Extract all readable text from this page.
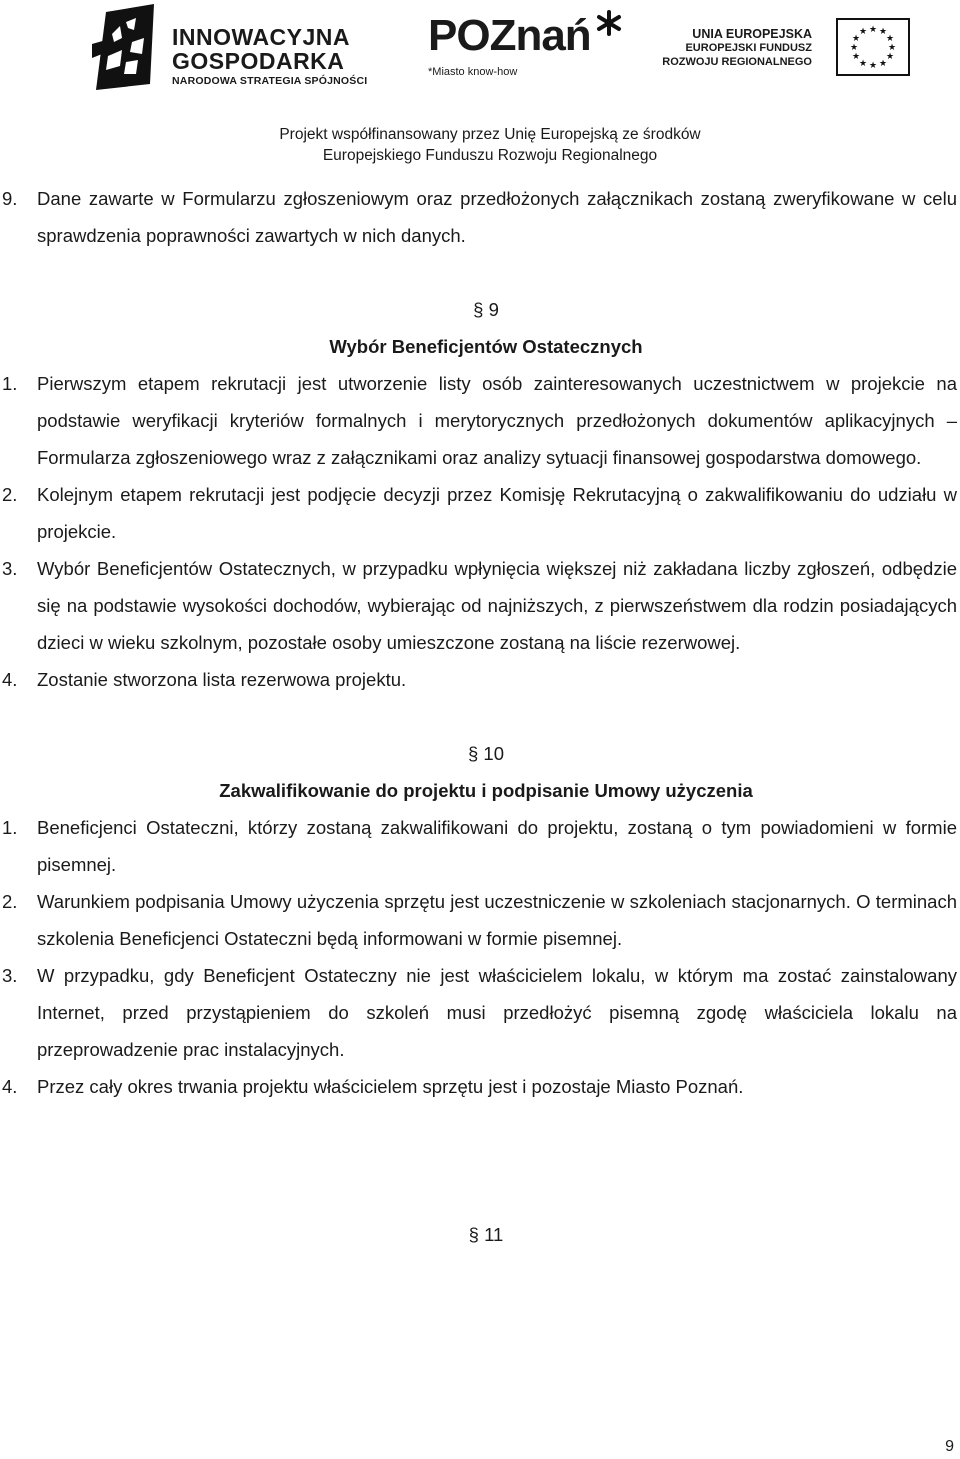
INNOWACYJNA
GOSPODARKA
NARODOWA STRATEGIA SPÓJNOŚCI
POZnań
*Miasto know-how
UNIA EUROPEJSKA
EUROPEJSKI FUNDUSZ
ROZWOJU REGIONALNEGO
★ ★
★
★
★
★
★
★
★
★
★
★
Projekt współfinansowany przez Unię Europejską ze środków
Europejskiego Funduszu Rozwoju Regionalnego
9. Dane zawarte w Formularzu zgłoszeniowym oraz przedłożonych załącznikach zostaną zweryfikowane w celu sprawdzenia poprawności zawartych w nich danych.
§ 9
Wybór Beneficjentów Ostatecznych
1. Pierwszym etapem rekrutacji jest utworzenie listy osób zainteresowanych uczestnictwem w projekcie na podstawie weryfikacji kryteriów formalnych i merytorycznych przedłożonych dokumentów aplikacyjnych – Formularza zgłoszeniowego wraz z załącznikami oraz analizy sytuacji finansowej gospodarstwa domowego.
2. Kolejnym etapem rekrutacji jest podjęcie decyzji przez Komisję Rekrutacyjną o zakwalifikowaniu do udziału w projekcie.
3. Wybór Beneficjentów Ostatecznych, w przypadku wpłynięcia większej niż zakładana liczby zgłoszeń, odbędzie się na podstawie wysokości dochodów, wybierając od najniższych, z pierwszeństwem dla rodzin posiadających dzieci w wieku szkolnym, pozostałe osoby umieszczone zostaną na liście rezerwowej.
4. Zostanie stworzona lista rezerwowa projektu.
§ 10
Zakwalifikowanie do projektu i podpisanie Umowy użyczenia
1. Beneficjenci Ostateczni, którzy zostaną zakwalifikowani do projektu, zostaną o tym powiadomieni w formie pisemnej.
2. Warunkiem podpisania Umowy użyczenia sprzętu jest uczestniczenie w szkoleniach stacjonarnych. O terminach szkolenia Beneficjenci Ostateczni będą informowani w formie pisemnej.
3. W przypadku, gdy Beneficjent Ostateczny nie jest właścicielem lokalu, w którym ma zostać zainstalowany Internet, przed przystąpieniem do szkoleń musi przedłożyć pisemną zgodę właściciela lokalu na przeprowadzenie prac instalacyjnych.
4. Przez cały okres trwania projektu właścicielem sprzętu jest i pozostaje Miasto Poznań.
§ 11
9
